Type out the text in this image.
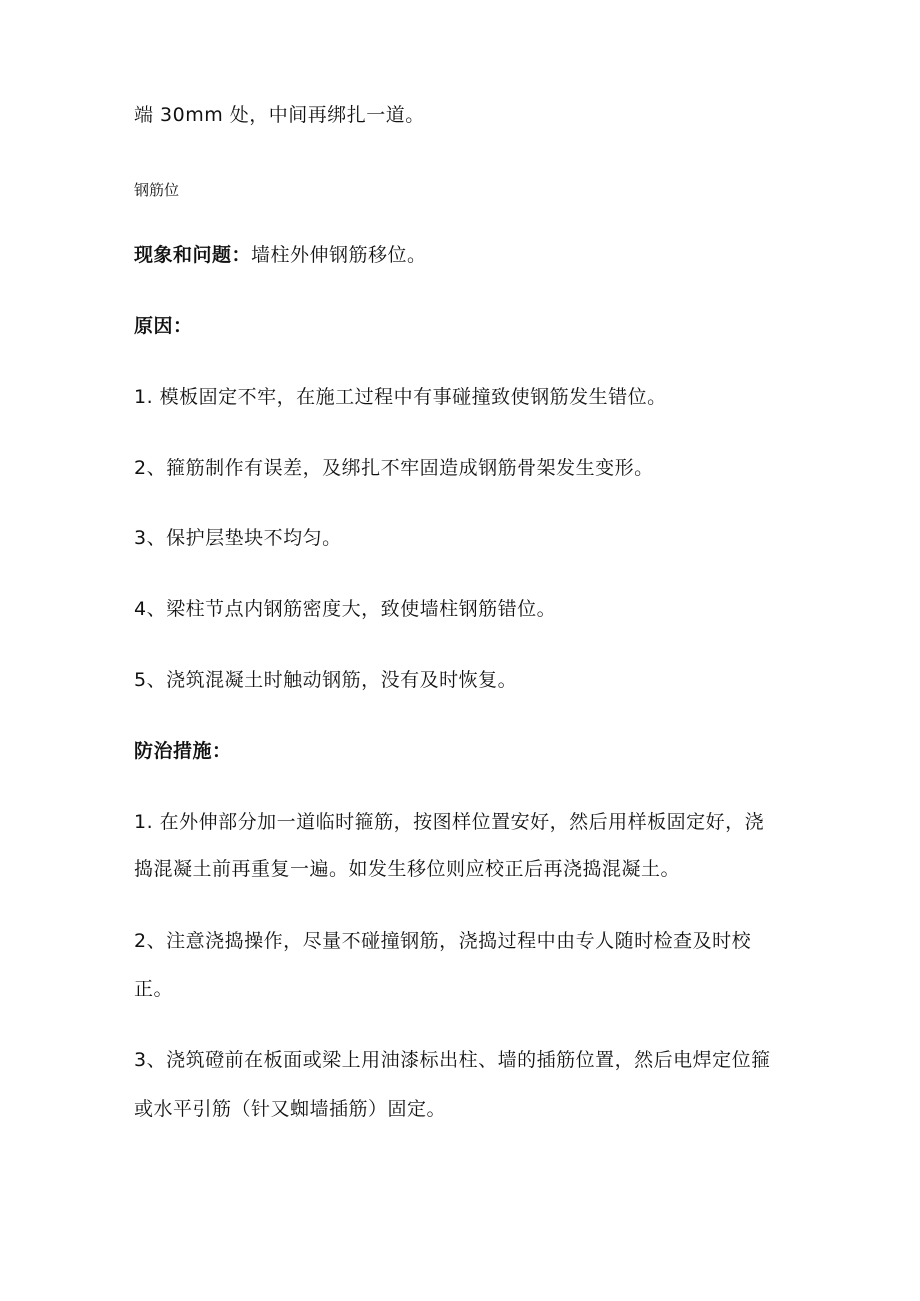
端 30mm 处，中间再绑扎一道。
钢筋位
现象和问题：墙柱外伸钢筋移位。
原因：
1. 模板固定不牢，在施工过程中有事碰撞致使钢筋发生错位。
2、箍筋制作有误差，及绑扎不牢固造成钢筋骨架发生变形。
3、保护层垫块不均匀。
4、梁柱节点内钢筋密度大，致使墙柱钢筋错位。
5、浇筑混凝土时触动钢筋，没有及时恢复。
防治措施：
1. 在外伸部分加一道临时箍筋，按图样位置安好，然后用样板固定好，浇
捣混凝土前再重复一遍。如发生移位则应校正后再浇捣混凝土。
2、注意浇捣操作，尽量不碰撞钢筋，浇捣过程中由专人随时检查及时校
正。
3、浇筑磴前在板面或梁上用油漆标出柱、墙的插筋位置，然后电焊定位箍
或水平引筋（针又蜘墙插筋）固定。
